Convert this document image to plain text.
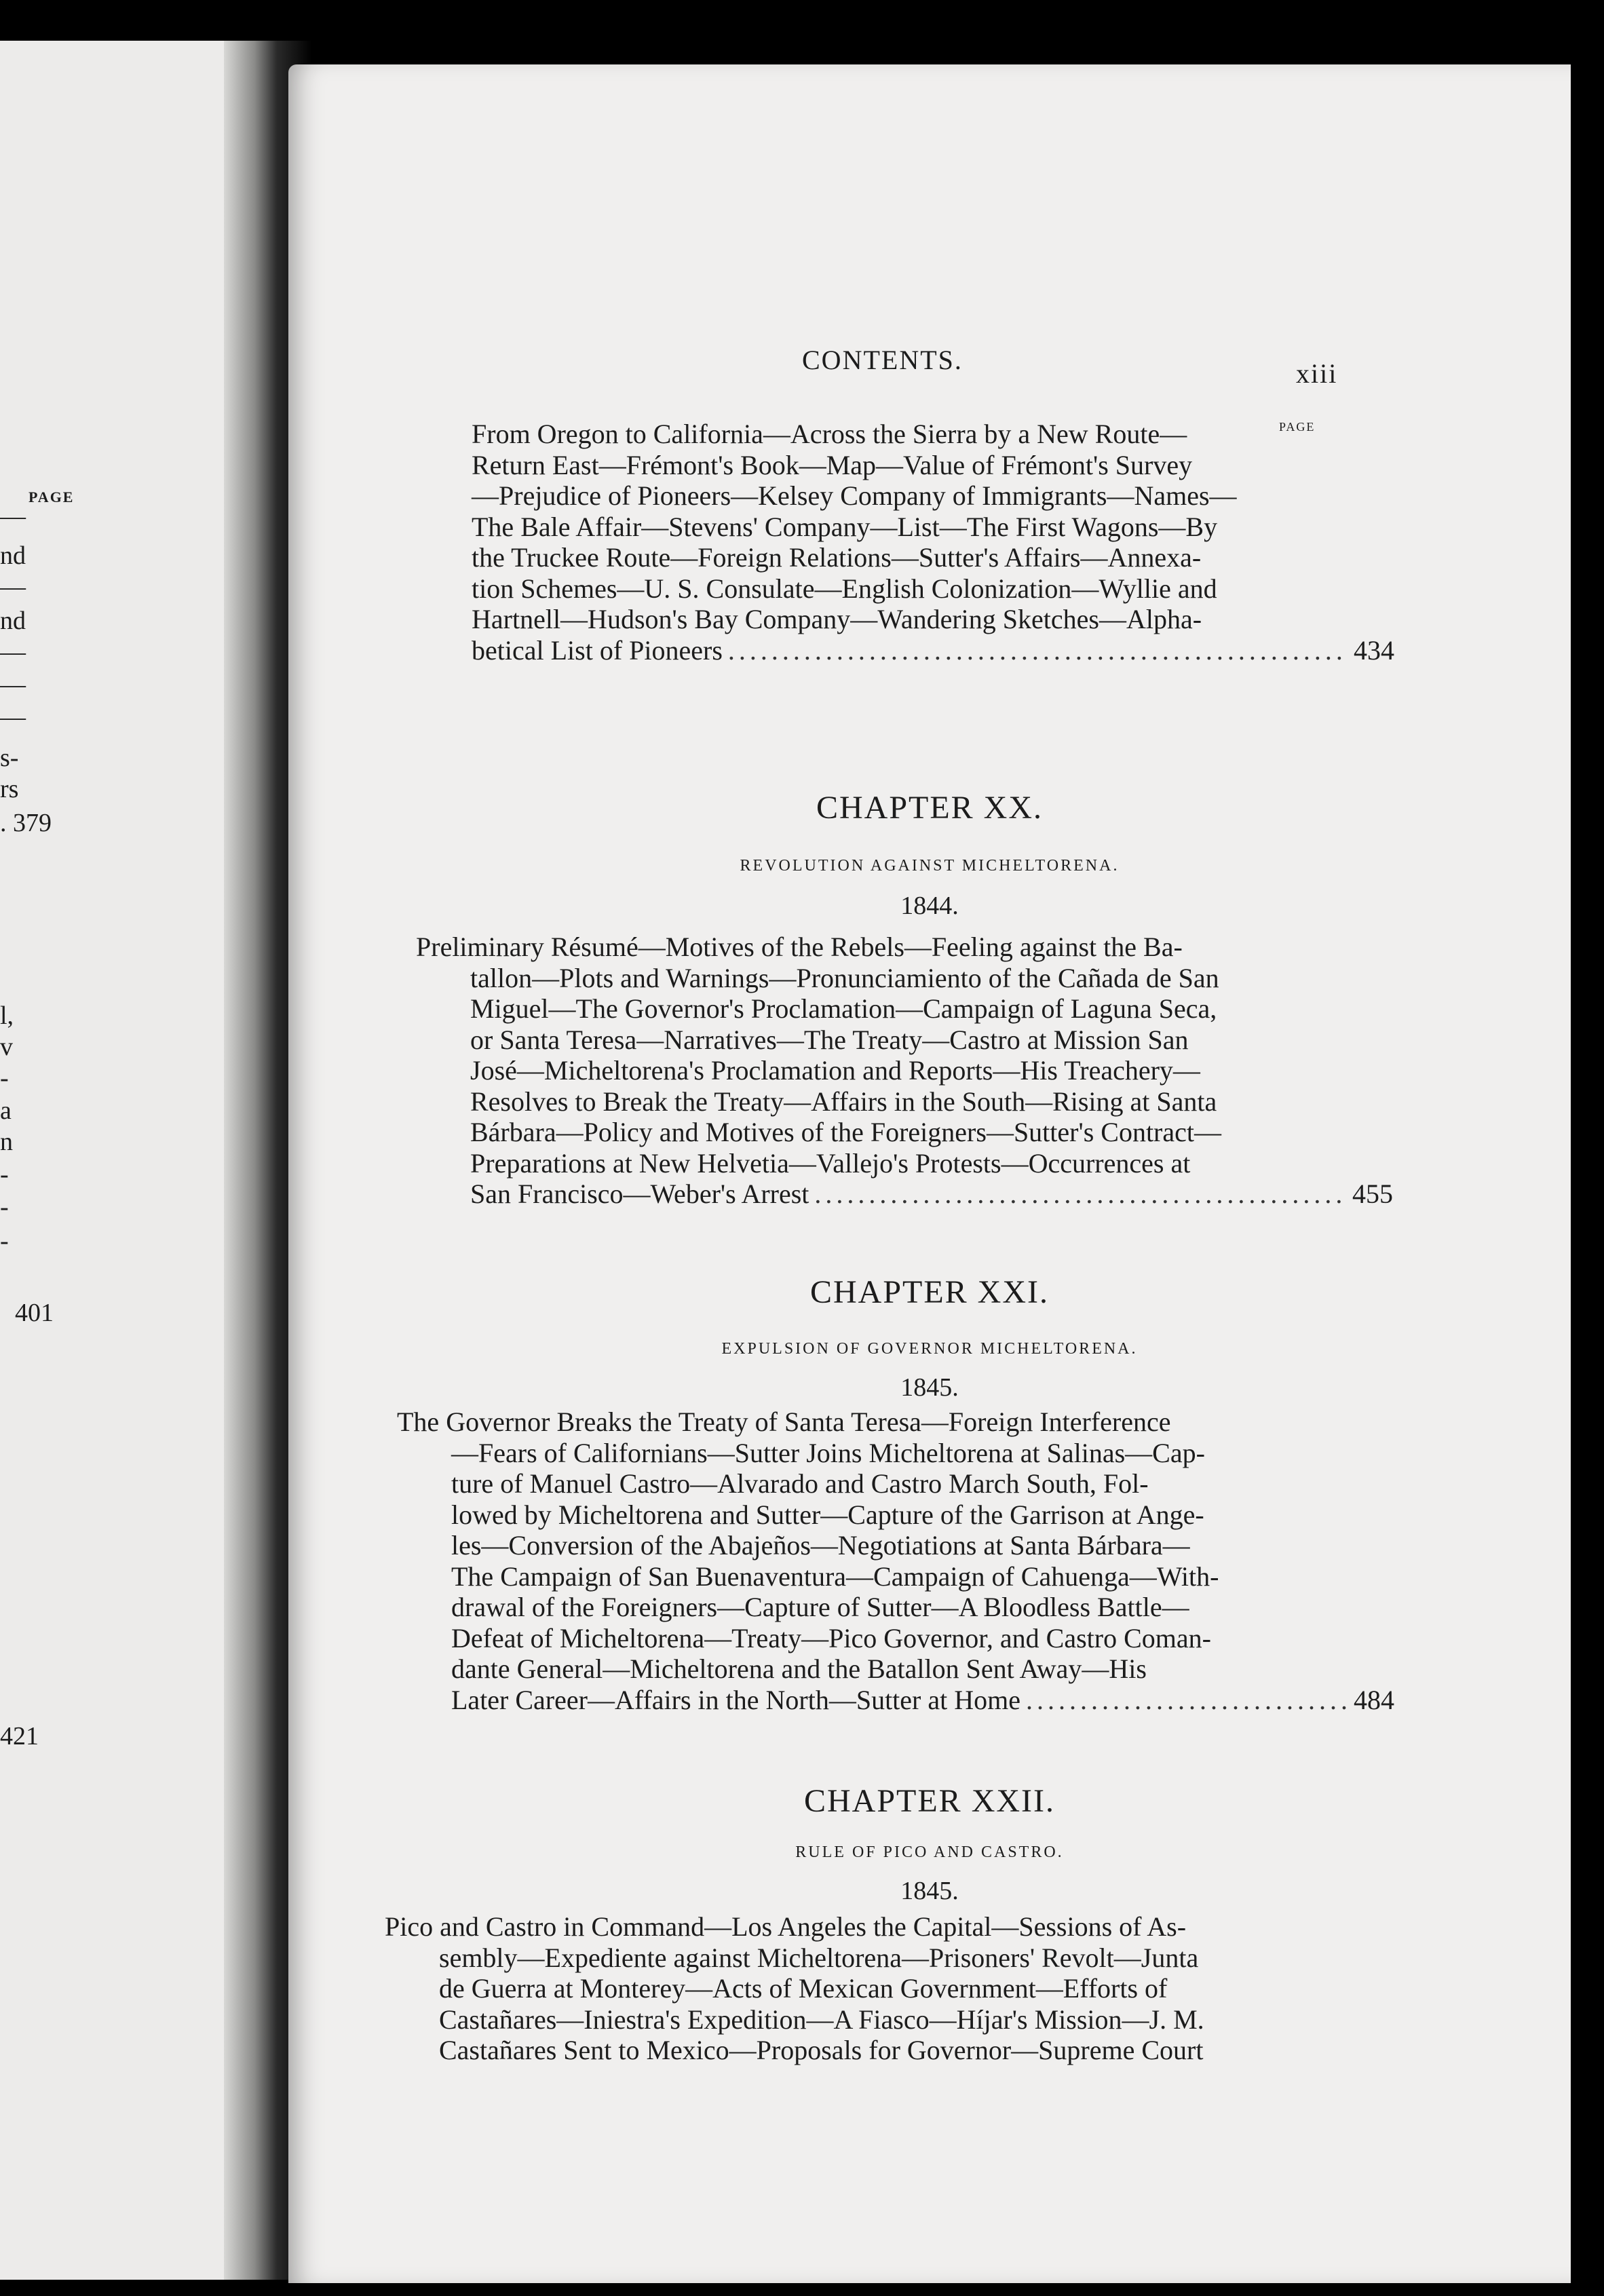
PAGE
—
nd
—
nd
—
—
—
s-
rs
. 379
l,
v
-
a
n
-
-
-
401
421
CONTENTS.	xiii
PAGE
From Oregon to California—Across the Sierra by a New Route—
Return East—Frémont's Book—Map—Value of Frémont's Survey
—Prejudice of Pioneers—Kelsey Company of Immigrants—Names—
The Bale Affair—Stevens' Company—List—The First Wagons—By
the Truckee Route—Foreign Relations—Sutter's Affairs—Annexa-
tion Schemes—U. S. Consulate—English Colonization—Wyllie and
Hartnell—Hudson's Bay Company—Wandering Sketches—Alpha-
betical List of Pioneers .....	434
CHAPTER XX.
REVOLUTION AGAINST MICHELTORENA.
1844.
Preliminary Résumé—Motives of the Rebels—Feeling against the Ba-
tallon—Plots and Warnings—Pronunciamiento of the Cañada de San
Miguel—The Governor's Proclamation—Campaign of Laguna Seca,
or Santa Teresa—Narratives—The Treaty—Castro at Mission San
José—Micheltorena's Proclamation and Reports—His Treachery—
Resolves to Break the Treaty—Affairs in the South—Rising at Santa
Bárbara—Policy and Motives of the Foreigners—Sutter's Contract—
Preparations at New Helvetia—Vallejo's Protests—Occurrences at
San Francisco—Weber's Arrest .....	455
CHAPTER XXI.
EXPULSION OF GOVERNOR MICHELTORENA.
1845.
The Governor Breaks the Treaty of Santa Teresa—Foreign Interference
—Fears of Californians—Sutter Joins Micheltorena at Salinas—Cap-
ture of Manuel Castro—Alvarado and Castro March South, Fol-
lowed by Micheltorena and Sutter—Capture of the Garrison at Ange-
les—Conversion of the Abajeños—Negotiations at Santa Bárbara—
The Campaign of San Buenaventura—Campaign of Cahuenga—With-
drawal of the Foreigners—Capture of Sutter—A Bloodless Battle—
Defeat of Micheltorena—Treaty—Pico Governor, and Castro Coman-
dante General—Micheltorena and the Batallon Sent Away—His
Later Career—Affairs in the North—Sutter at Home .....	484
CHAPTER XXII.
RULE OF PICO AND CASTRO.
1845.
Pico and Castro in Command—Los Angeles the Capital—Sessions of As-
sembly—Expediente against Micheltorena—Prisoners' Revolt—Junta
de Guerra at Monterey—Acts of Mexican Government—Efforts of
Castañares—Iniestra's Expedition—A Fiasco—Híjar's Mission—J. M.
Castañares Sent to Mexico—Proposals for Governor—Supreme Court
